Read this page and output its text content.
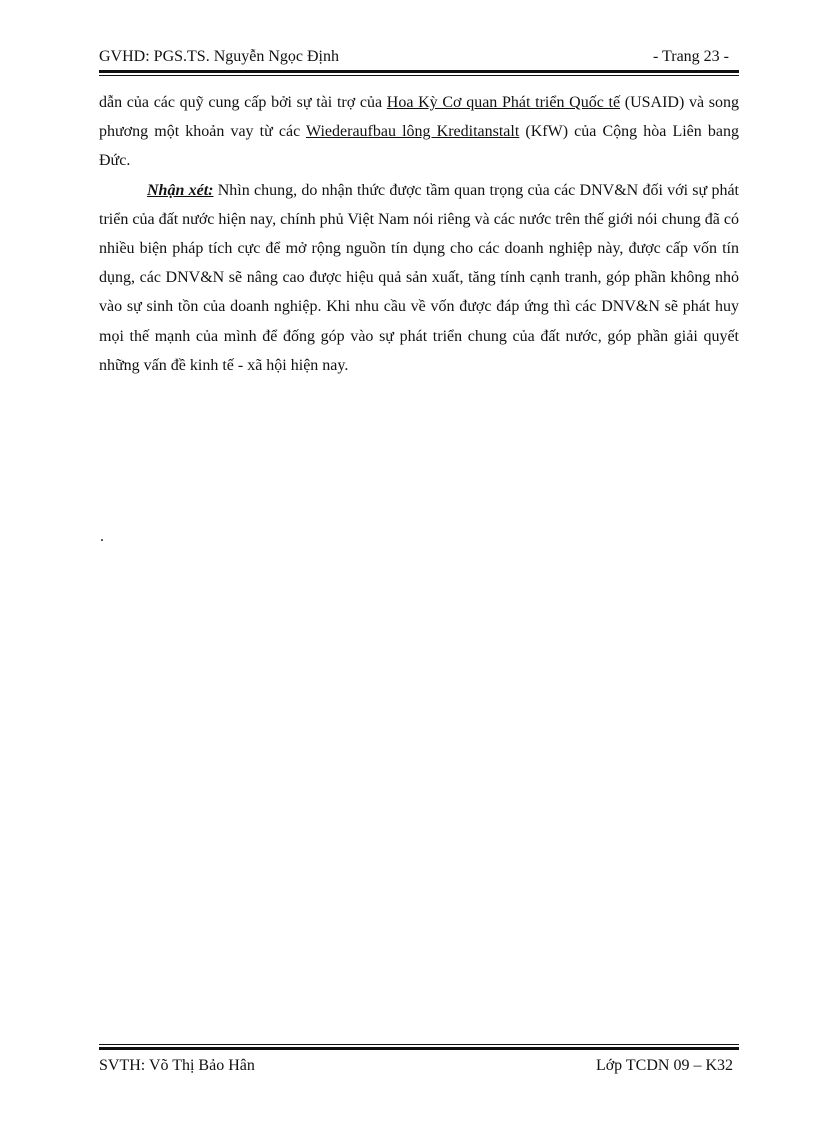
GVHD: PGS.TS. Nguyễn Ngọc Định	- Trang 23 -

dẫn của các quỹ cung cấp bởi sự tài trợ của Hoa Kỳ Cơ quan Phát triển Quốc tế (USAID) và song phương một khoản vay từ các Wiederaufbau lông Kreditanstalt (KfW) của Cộng hòa Liên bang Đức.

Nhận xét: Nhìn chung, do nhận thức được tầm quan trọng của các DNV&N đối với sự phát triển của đất nước hiện nay, chính phủ Việt Nam nói riêng và các nước trên thế giới nói chung đã có nhiều biện pháp tích cực để mở rộng nguồn tín dụng cho các doanh nghiệp này, được cấp vốn tín dụng, các DNV&N sẽ nâng cao được hiệu quả sản xuất, tăng tính cạnh tranh, góp phần không nhỏ vào sự sinh tồn của doanh nghiệp. Khi nhu cầu về vốn được đáp ứng thì các DNV&N sẽ phát huy mọi thế mạnh của mình để đống góp vào sự phát triển chung của đất nước, góp phần giải quyết những vấn đề kinh tế - xã hội hiện nay.

.
SVTH: Võ Thị Bảo Hân	Lớp TCDN 09 – K32
